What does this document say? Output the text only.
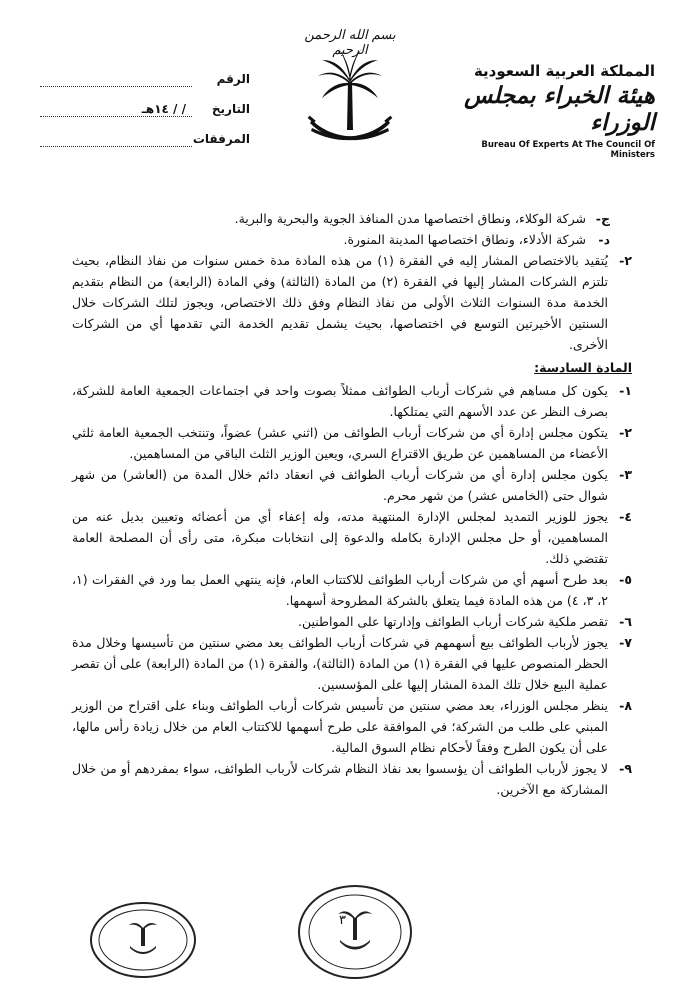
بسم الله الرحمن الرحيم
الرقم
التاريخ
/ / ١٤هـ
المرفقات
المملكة العربية السعودية
هيئة الخبراء بمجلس الوزراء
Bureau Of Experts At The Council Of Ministers
ج-
شركة الوكلاء، ونطاق اختصاصها مدن المنافذ الجوية والبحرية والبرية.
د-
شركة الأدلاء، ونطاق اختصاصها المدينة المنورة.
٢-
يُتقيد بالاختصاص المشار إليه في الفقرة (١) من هذه المادة مدة خمس سنوات من نفاذ النظام، بحيث تلتزم الشركات المشار إليها في الفقرة (٢) من المادة (الثالثة) وفي المادة (الرابعة) من النظام بتقديم الخدمة مدة السنوات الثلاث الأولى من نفاذ النظام وفق ذلك الاختصاص، ويجوز لتلك الشركات خلال السنتين الأخيرتين التوسع في اختصاصها، بحيث يشمل تقديم الخدمة التي تقدمها أي من الشركات الأخرى.
المادة السادسة:
١-
يكون كل مساهم في شركات أرباب الطوائف ممثلاً بصوت واحد في اجتماعات الجمعية العامة للشركة، بصرف النظر عن عدد الأسهم التي يمتلكها.
٢-
يتكون مجلس إدارة أي من شركات أرباب الطوائف من (اثني عشر) عضواً، وتنتخب الجمعية العامة ثلثي الأعضاء من المساهمين عن طريق الاقتراع السري، ويعين الوزير الثلث الباقي من المساهمين.
٣-
يكون مجلس إدارة أي من شركات أرباب الطوائف في انعقاد دائم خلال المدة من (العاشر) من شهر شوال حتى (الخامس عشر) من شهر محرم.
٤-
يجوز للوزير التمديد لمجلس الإدارة المنتهية مدته، وله إعفاء أي من أعضائه وتعيين بديل عنه من المساهمين، أو حل مجلس الإدارة بكامله والدعوة إلى انتخابات مبكرة، متى رأى أن المصلحة العامة تقتضي ذلك.
٥-
بعد طرح أسهم أي من شركات أرباب الطوائف للاكتتاب العام، فإنه ينتهي العمل بما ورد في الفقرات (١، ٢، ٣، ٤) من هذه المادة فيما يتعلق بالشركة المطروحة أسهمها.
٦-
تقصر ملكية شركات أرباب الطوائف وإدارتها على المواطنين.
٧-
يجوز لأرباب الطوائف بيع أسهمهم في شركات أرباب الطوائف بعد مضي سنتين من تأسيسها وخلال مدة الحظر المنصوص عليها في الفقرة (١) من المادة (الثالثة)، والفقرة (١) من المادة (الرابعة) على أن تقصر عملية البيع خلال تلك المدة المشار إليها على المؤسسين.
٨-
ينظر مجلس الوزراء، بعد مضي سنتين من تأسيس شركات أرباب الطوائف وبناء على اقتراح من الوزير المبني على طلب من الشركة؛ في الموافقة على طرح أسهمها للاكتتاب العام من خلال زيادة رأس مالها، على أن يكون الطرح وفقاً لأحكام نظام السوق المالية.
٩-
لا يجوز لأرباب الطوائف أن يؤسسوا بعد نفاذ النظام شركات لأرباب الطوائف، سواء بمفردهم أو من خلال المشاركة مع الآخرين.
٣
